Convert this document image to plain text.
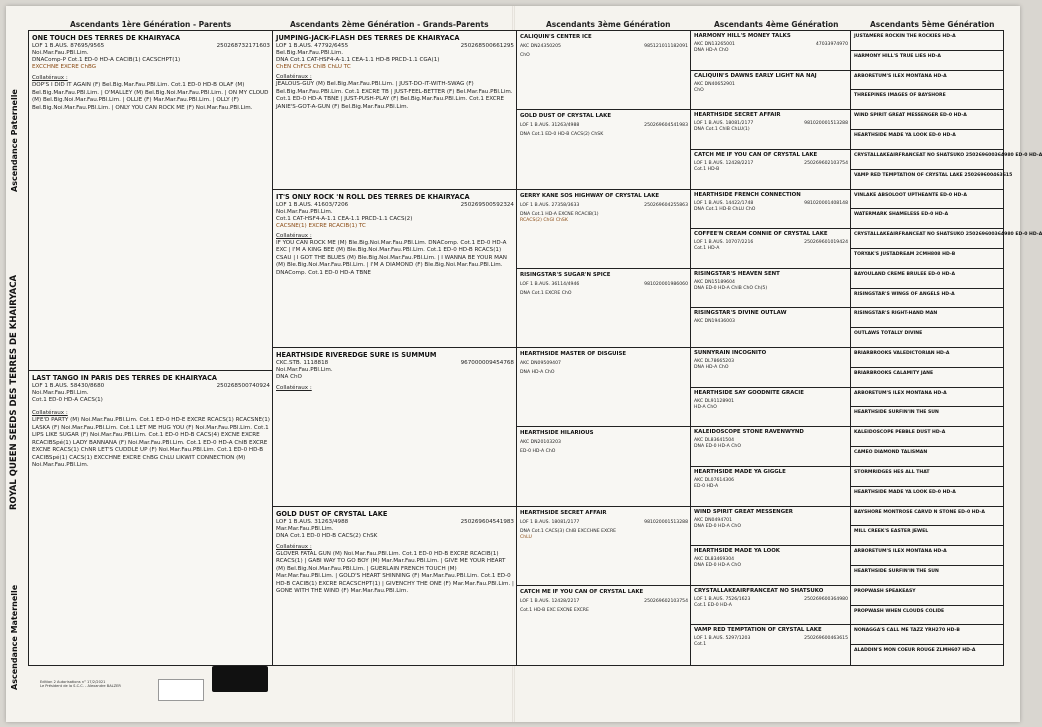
Ascendants 1ère Génération - Parents	Ascendants 2ème Génération - Grands-Parents	Ascendants 3ème Génération	Ascendants 4ème Génération	Ascendants 5ème Génération
Ascendance Paternelle
ROYAL QUEEN SEEDS DES TERRES DE KHAIRYACA
Ascendance Maternelle
ONE TOUCH DES TERRES DE KHAIRYACA
LOF 1 B.AUS. 87695/9565	250268732171603
Noi.Mar.Fau.PBl.Lim.
DNAComp-P Cot.1 ED-0 HD-A CACIB(1) CACSCHPT(1)
EXCCHNE EXCRE ChBG
Collatéraux :
DOP'S I DID IT AGAIN (F) Bel.Big.Mar.Fau.PBl.Lim. Cot.1 ED-0 HD-B OLAF (M) Bel.Big.Mar.Fau.PBl.Lim. | O'MALLEY (M) Bel.Big.Noi.Mar.Fau.PBl.Lim. | ON MY CLOUD (M) Bel.Big.Noi.Mar.Fau.PBl.Lim. | OLLIE (F) Mar.Mar.Fau.PBl.Lim. | OLLY (F) Bel.Big.Noi.Mar.Fau.PBl.Lim. | ONLY YOU CAN ROCK ME (F) Noi.Mar.Fau.PBl.Lim.
LAST TANGO IN PARIS DES TERRES DE KHAIRYACA
LOF 1 B.AUS. 58430/8680	250268500740924
Noi.Mar.Fau.PBl.Lim.
Cot.1 ED-0 HD-A CACS(1)
Collatéraux :
LIFE'D PARTY (M) Noi.Mar.Fau.PBl.Lim. Cot.1 ED-0 HD-E EXCRE RCACS(1) RCACSNE(1) LASKA (F) Noi.Mar.Fau.PBl.Lim. Cot.1 LET ME HUG YOU (F) Noi.Mar.Fau.PBl.Lim. Cot.1 LIPS LIKE SUGAR (F) Noi.Mar.Fau.PBl.Lim. Cot.1 ED-0 HD-B CACS(4) EXCNE EXCRE RCACIBSpé(1) LADY BANNANA (F) Noi.Mar.Fau.PBl.Lim. Cot.1 ED-0 HD-A ChIB EXCRE EXCNE RCACS(1) ChNR LET'S CUDDLE UP (F) Noi.Mar.Fau.PBl.Lim. Cot.1 ED-0 HD-B CACIBSpé(1) CACS(1) EXCCHNE EXCRE ChBG ChLU LIKWIT CONNECTION (M) Noi.Mar.Fau.PBl.Lim.
Edition 2 Autorisations n° 17/2/2021
Le Président de la S.C.C. - Alexandre BALZER
JUMPING-JACK-FLASH DES TERRES DE KHAIRYACA
LOF 1 B.AUS. 47792/6455	250268500661295
Bel.Big.Mar.Fau.PBl.Lim.
DNA Cot.1 CAT-HSF4-A-1.1 CEA-1.1 HD-B PRCD-1.1 CGA(1)
ChEN ChFCS ChIB ChLU TC
Collatéraux :
JEALOUS-GUY (M) Bel.Big.Mar.Fau.PBl.Lim. | JUST-DO-IT-WITH-SWAG (F) Bel.Big.Mar.Fau.PBl.Lim. Cot.1 EXCRE TB | JUST-FEEL-BETTER (F) Bel.Mar.Fau.PBl.Lim. Cot.1 ED-0 HD-A TBNE | JUST-PUSH-PLAY (F) Bel.Big.Mar.Fau.PBl.Lim. Cot.1 EXCRE JANIE'S-GOT-A-GUN (F) Bel.Big.Mar.Fau.PBl.Lim.
IT'S ONLY ROCK 'N ROLL DES TERRES DE KHAIRYACA
LOF 1 B.AUS. 41603/7206	250269500592324
Noi.Mar.Fau.PBl.Lim.
Cot.1 CAT-HSF4-A-1.1 CEA-1.1 PRCD-1.1 CACS(2)
CACSNE(1) EXCRE RCACIB(1) TC
Collatéraux :
IF YOU CAN ROCK ME (M) Ble.Big.Noi.Mar.Fau.PBl.Lim. DNAComp. Cot.1 ED-0 HD-A EXC | I'M A KING BEE (M) Ble.Big.Noi.Mar.Fau.PBl.Lim. Cot.1 ED-0 HD-B RCACS(1) CSAU | I GOT THE BLUES (M) Ble.Big.Noi.Mar.Fau.PBl.Lim. | I WANNA BE YOUR MAN (M) Ble.Big.Noi.Mar.Fau.PBl.Lim. | I'M A DIAMOND (F) Ble.Big.Noi.Mar.Fau.PBl.Lim. DNAComp. Cot.1 ED-0 HD-A TBNE
HEARTHSIDE RIVEREDGE SURE IS SUMMUM
CKC.STB. 1118818	967000009454768
Noi.Mar.Fau.PBl.Lim.
DNA ChO
Collatéraux :
GOLD DUST OF CRYSTAL LAKE
LOF 1 B.AUS. 31263/4988	250269604541983
Mar.Mar.Fau.PBl.Lim.
DNA Cot.1 ED-0 HD-B CACS(2) ChSK
Collatéraux :
GLOVER FATAL GUN (M) Noi.Mar.Fau.PBl.Lim. Cot.1 ED-0 HD-B EXCRE RCACIB(1) RCACS(1) | GABI WAY TO GO BOY (M) Mar.Mar.Fau.PBl.Lim. | GIVE ME YOUR HEART (M) Bel.Big.Noi.Mar.Fau.PBl.Lim. | GUERLAIN FRENCH TOUCH (M) Mar.Mar.Fau.PBl.Lim. | GOLD'S HEART SHINNING (F) Mar.Mar.Fau.PBl.Lim. Cot.1 ED-0 HD-B CACIB(1) EXCRE RCACSCHPT(1) | GIVENCHY THE ONE (F) Mar.Mar.Fau.PBl.Lim. | GONE WITH THE WIND (F) Mar.Mar.Fau.PBl.Lim.
CALIQUIN'S CENTER ICE
AKC DN24350205	985121011182091
ChO
GOLD DUST OF CRYSTAL LAKE
LOF 1 B.AUS. 31263/4988	250269604541983
DNA Cot.1 ED-0 HD-B CACS(2) ChSK
GERRY KANE SOS HIGHWAY OF CRYSTAL LAKE
LOF 1 B.AUS. 27358/3633	250269604255863
DNA Cot.1 HD-A EXCNE RCACIB(1)
RCACS(2) ChGI ChSK
RISINGSTAR'S SUGAR'N SPICE
LOF 1 B.AUS. 36114/4946	981020001986060
DNA Cot.1 EXCRE ChO
HEARTHSIDE MASTER OF DISGUISE
AKC DN09509407
DNA HD-A ChO
HEARTHSIDE HILARIOUS
AKC DN20103203
ED-0 HD-A ChO
HEARTHSIDE SECRET AFFAIR
LOF 1 B.AUS. 18081/2177	981020001513288
DNA Cot.1 CACS(3) ChIB EXCCHNE EXCRE
ChLU
CATCH ME IF YOU CAN OF CRYSTAL LAKE
LOF 1 B.AUS. 12428/2217	250269602103754
Cot.1 HD-B EXC EXCNE EXCRE
HARMONY HILL'S MONEY TALKS
AKC DN13265001	47033974970
DNA HD-A ChO
CALIQUIN'S DAWNS EARLY LIGHT NA NAJ
AKC DN40652901
ChO
HEARTHSIDE SECRET AFFAIR
LOF 1 B.AUS. 18081/2177	981020001513288
DNA Cot.1 ChIB ChLU(1)
CATCH ME IF YOU CAN OF CRYSTAL LAKE
LOF 1 B.AUS. 12428/2217	250269602103754
Cot.1 HD-B
HEARTHSIDE FRENCH CONNECTION
LOF 1 B.AUS. 14422/1748	981020001408148
DNA Cot.1 HD-B ChLU ChO
COFFEE'N CREAM CONNIE OF CRYSTAL LAKE
LOF 1 B.AUS. 10707/2216	250269601019424
Cot.1 HD-A
RISINGSTAR'S HEAVEN SENT
AKC DN15189604
DNA ED-0 HD-A ChIB ChO Ch(5)
RISINGSTAR'S DIVINE OUTLAW
AKC DN19436003
SUNNYRAIN INCOGNITO
AKC DL78665203
DNA HD-A ChO
HEARTHSIDE SAY GOODNITE GRACIE
AKC DL91128901
HD-A ChO
KALEIDOSCOPE STONE RAVENWYND
AKC DL83641504
DNA ED-0 HD-A ChO
HEARTHSIDE MADE YA GIGGLE
AKC DL07614306
ED-0 HD-A
WIND SPIRIT GREAT MESSENGER
AKC DN0494701
DNA ED-0 HD-A ChO
HEARTHSIDE MADE YA LOOK
AKC DL83469304
DNA ED-0 HD-A ChO
CRYSTALLAKEAIRFRANCEAT NO SHATSUKO
LOF 1 B.AUS. 7526/1623	250269600364980
Cot.1 ED-0 HD-A
VAMP RED TEMPTATION OF CRYSTAL LAKE
LOF 1 B.AUS. 5297/1203	250269600463615
Cot.1
JUSTAMERE ROCKIN THE ROCKIES HD-A
HARMONY HILL'S TRUE LIES HD-A
ARBORETUM'S ILEX MONTANA HD-A
THREEPINES IMAGES OF BAYSHORE
WIND SPIRIT GREAT MESSENGER ED-0 HD-A
HEARTHSIDE MADE YA LOOK ED-0 HD-A
CRYSTALLAKEAIRFRANCEAT NO SHATSUKO 250269600364980 ED-0 HD-A
VAMP RED TEMPTATION OF CRYSTAL LAKE 250269600463615
VINLAKE ABSOLOOT UPTHEANTE ED-0 HD-A
WATERMARK SHAMELESS ED-0 HD-A
CRYSTALLAKEAIRFRANCEAT NO SHATSUKO 250269600364980 ED-0 HD-A
TORYAK'S JUSTADREAM 2CMH808 HD-B
BAYOULAND CREME BRULEE ED-0 HD-A
RISINGSTAR'S WINGS OF ANGELS HD-A
RISINGSTAR'S RIGHT-HAND MAN
OUTLAWS TOTALLY DIVINE
BRIARBROOKS VALEDICTORIAN HD-A
BRIARBROOKS CALAMITY JANE
ARBORETUM'S ILEX MONTANA HD-A
HEARTHSIDE SURFIN'IN THE SUN
KALEIDOSCOPE PEBBLE DUST HD-A
CAMEO DIAMOND TALISMAN
STORMRIDGES HES ALL THAT
HEARTHSIDE MADE YA LOOK ED-0 HD-A
BAYSHORE MONTROSE CARVD N STONE ED-0 HD-A
MILL CREEK'S EASTER JEWEL
ARBORETUM'S ILEX MONTANA HD-A
HEARTHSIDE SURFIN'IN THE SUN
PROPWASH SPEAKEASY
PROPWASH WHEN CLOUDS COLIDE
NONAGGA'S CALL ME TAZZ YRH270 HD-B
ALADDIN'S MON COEUR ROUGE ZLMH607 HD-A
